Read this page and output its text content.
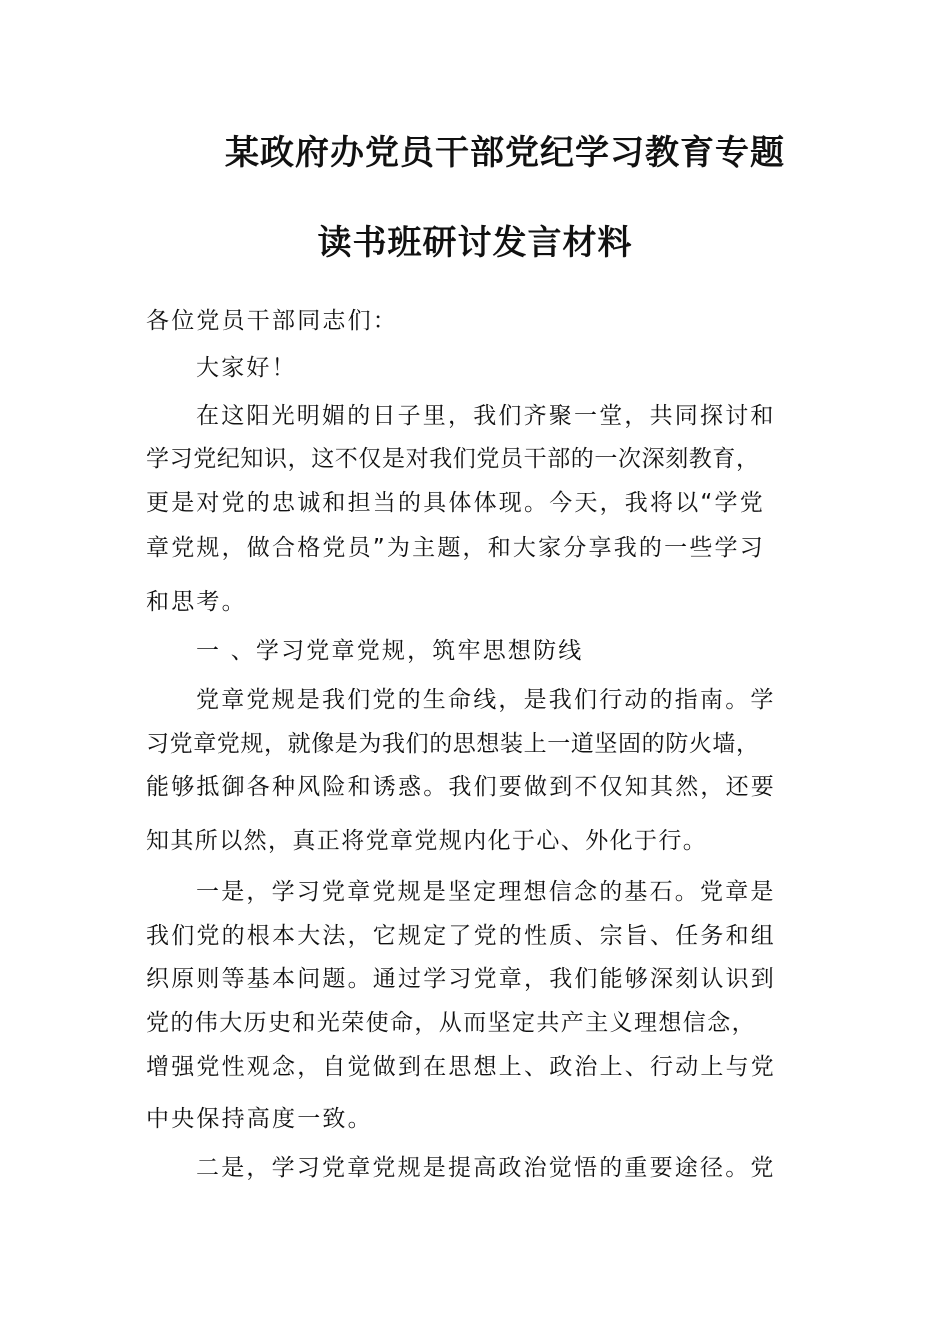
某政府办党员干部党纪学习教育专题
读书班研讨发言材料
各位党员干部同志们：
大家好！
在这阳光明媚的日子里，我们齐聚一堂，共同探讨和
学习党纪知识，这不仅是对我们党员干部的一次深刻教育，
更是对党的忠诚和担当的具体体现。今天，我将以“学党
章党规，做合格党员”为主题，和大家分享我的一些学习
和思考。
一 、学习党章党规，筑牢思想防线
党章党规是我们党的生命线，是我们行动的指南。学
习党章党规，就像是为我们的思想装上一道坚固的防火墙，
能够抵御各种风险和诱惑。我们要做到不仅知其然，还要
知其所以然，真正将党章党规内化于心、外化于行。
一是，学习党章党规是坚定理想信念的基石。党章是
我们党的根本大法，它规定了党的性质、宗旨、任务和组
织原则等基本问题。通过学习党章，我们能够深刻认识到
党的伟大历史和光荣使命，从而坚定共产主义理想信念，
增强党性观念，自觉做到在思想上、政治上、行动上与党
中央保持高度一致。
二是，学习党章党规是提高政治觉悟的重要途径。党
